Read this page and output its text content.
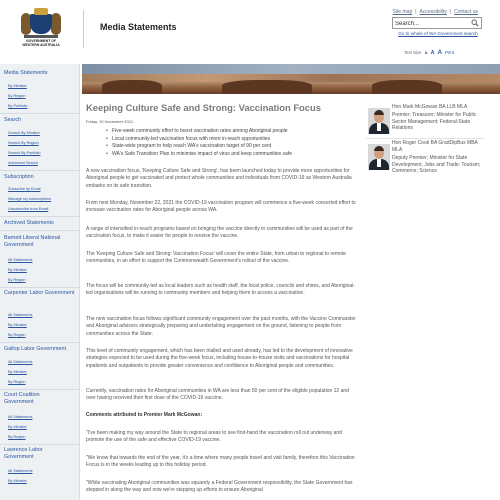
GOVERNMENT OF
WESTERN AUSTRALIA
Media Statements
Site map | Accessibility | Contact us
Search...
Go to whole of WA Government search
Text Size A A A Print
Media Statements
By Minister
By Region
By Portfolio
Search
Search By Minister
Search By Region
Search By Portfolio
Advanced Search
Subscription
Subscribe by Email
Manage my subscriptions
Unsubscribe from Email
Archived Statements
Barnett Liberal National Government
All Statements
By Minister
By Region
Carpenter Labor Government
All Statements
By Minister
By Region
Gallop Labor Government
All Statements
By Minister
By Region
Court Coalition Government
All Statements
By Minister
By Region
Lawrence Labor Government
All Statements
By Minister
Keeping Culture Safe and Strong: Vaccination Focus
Friday, 19 November 2021
• Five-week community effort to boost vaccination rates among Aboriginal people
• Local community-led vaccination focus with more in-reach opportunities
• State-wide program to help reach WA's vaccination target of 90 per cent
• WA's Safe Transition Plan to minimise impact of virus and keep communities safe
A new vaccination focus, 'Keeping Culture Safe and Strong', has been launched today to provide more opportunities for Aboriginal people to get vaccinated and protect whole communities and individuals from COVID-19 as Western Australia embarks on its safe transition.
From next Monday, November 22, 2021 the COVID-19 vaccination program will commence a five-week concerted effort to increase vaccination rates for Aboriginal people across WA.
A range of intensified in-reach programs based on bringing the vaccine directly to communities will be used as part of the vaccination focus, to make it easier for people to receive the vaccine.
The 'Keeping Culture Safe and Strong: Vaccination Focus' will cover the entire State, from urban to regional to remote communities, in an effort to support the Commonwealth Government's rollout of the vaccine.
The focus will be community-led as local leaders such as health staff, the local police, councils and shires, and Aboriginal-led organisations will be running to community members and helping them to access a vaccination.
The new vaccination focus follows significant community engagement over the past months, with the Vaccine Commander and Aboriginal advisors strategically preparing and undertaking engagement on the ground, listening to people from communities across the State.
This level of community engagement, which has been trialled and used already, has led to the development of innovative strategies expected to be used during the five-week focus, including house-to-house visits and vaccinations for hospital inpatients and outpatients to provide greater convenience and confidence to Aboriginal people and communities.
Currently, vaccination rates for Aboriginal communities in WA are less than 50 per cent of the eligible population 12 and over having received their first dose of the COVID-19 vaccine.
Comments attributed to Premier Mark McGowan:
"I've been making my way around the State to regional areas to see first-hand the vaccination roll out underway and promote the use of the safe and effective COVID-19 vaccine.
"We know that towards the end of the year, it's a time where many people travel and visit family, therefore this Vaccination Focus is in the weeks leading up to this holiday period.
"While vaccinating Aboriginal communities was squarely a Federal Government responsibility, the State Government has stepped in along the way and now we're stepping up efforts to ensure Aboriginal
Hon Mark McGowan BA LLB MLA
Premier; Treasurer; Minister for Public Sector Management; Federal-State Relations
Hon Roger Cook BA GradDipBus MBA MLA
Deputy Premier; Minister for State Development, Jobs and Trade; Tourism; Commerce; Science
